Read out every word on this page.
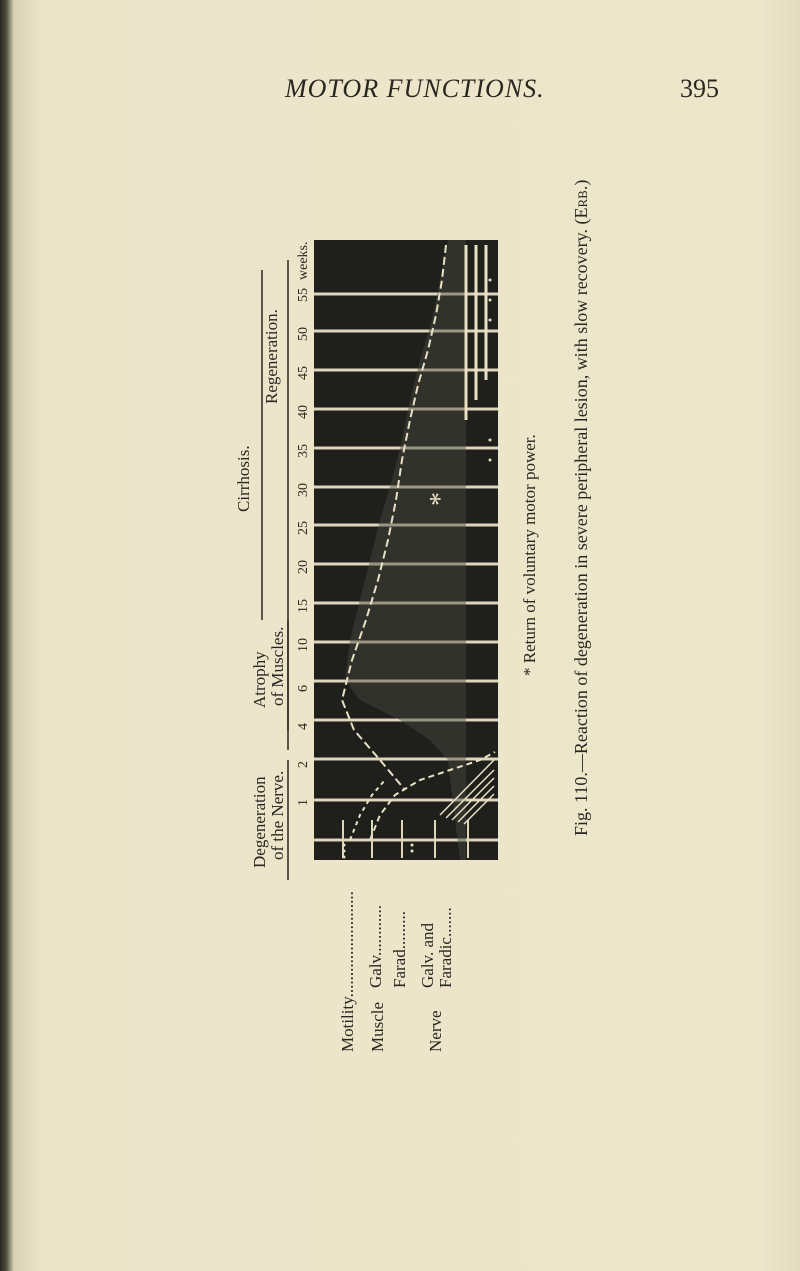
MOTOR FUNCTIONS.	395
Cirrhosis.
Degeneration of the Nerve.
Atrophy of Muscles.
Regeneration.
1
2
4
6
10
15
20
25
30
35
40
45
50
55
weeks.
Motility......................... Muscle
Galv............ Farad.........
Nerve
Galv. and Faradic.......
*	* Return of voluntary motor power. Fig. 110.—Reaction of degeneration in severe peripheral lesion, with slow recovery. (Erb.)
